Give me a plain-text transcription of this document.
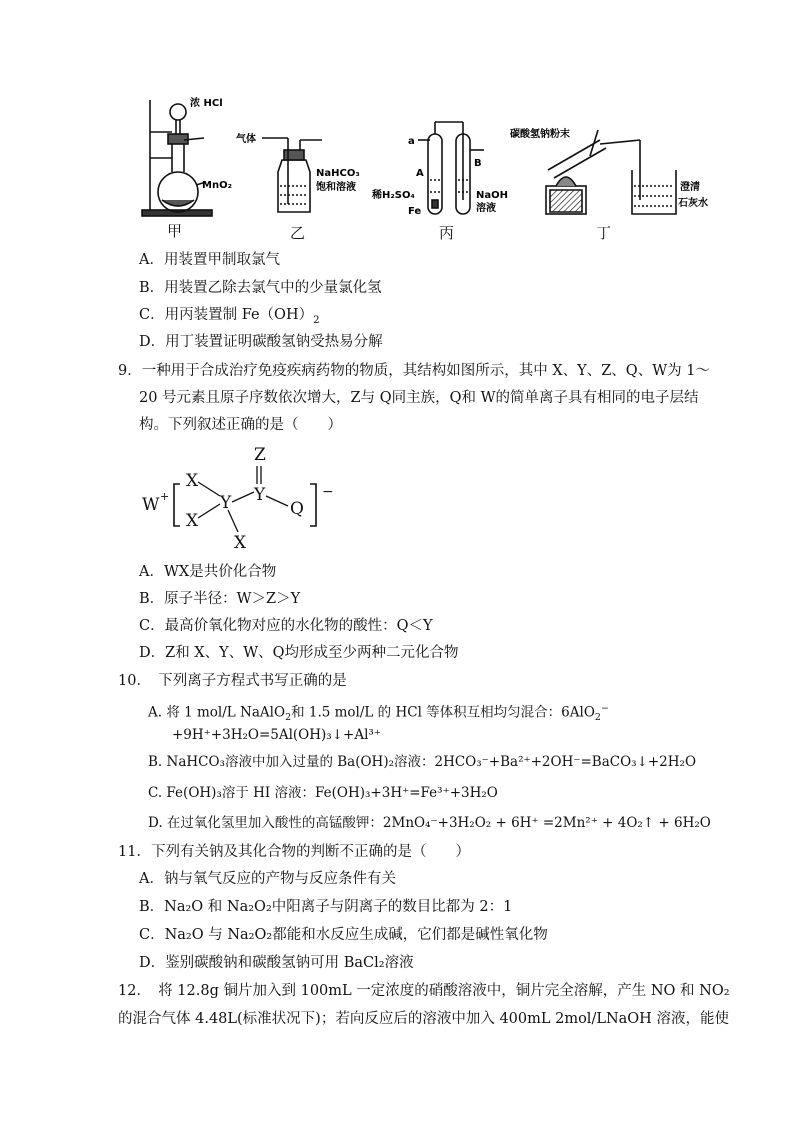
浓 HCl
MnO₂
气体
NaHCO₃
饱和溶液
a
A
B
稀H₂SO₄
Fe
NaOH
溶液
碳酸氢钠粉末
澄清
石灰水
甲	乙	丙	丁
A．用装置甲制取氯气
B．用装置乙除去氯气中的少量氯化氢
C．用丙装置制 $Fe(OH)_2$
D．用丁装置证明碳酸氢钠受热易分解
9．一种用于合成治疗免疫疾病药物的物质，其结构如图所示，其中 X、Y、Z、Q、W为 1～
20 号元素且原子序数依次增大，Z与 Q同主族，Q和 W的简单离子具有相同的电子层结
构。下列叙述正确的是（　　）
W +
X
X
Y Y
Z
Q
X
−
A．WX是共价化合物
B．原子半径：W＞Z＞Y
C．最高价氧化物对应的水化物的酸性：Q＜Y
D．Z和 X、Y、W、Q均形成至少两种二元化合物
10．　下列离子方程式书写正确的是
A. 将 1 mol/L NaAlO$_2$和 1.5 mol/L 的 HCl 等体积互相均匀混合：6AlO$_2$−
+9H⁺+3H₂O=5Al(OH)₃↓+Al³⁺
B. NaHCO₃溶液中加入过量的 Ba(OH)₂溶液：2HCO₃⁻+Ba²⁺+2OH⁻=BaCO₃↓+2H₂O
C. Fe(OH)₃溶于 HI 溶液：Fe(OH)₃+3H⁺=Fe³⁺+3H₂O
D. 在过氧化氢里加入酸性的高锰酸钾：2MnO₄⁻+3H₂O₂ + 6H⁺ =2Mn²⁺ + 4O₂↑ + 6H₂O
11．下列有关钠及其化合物的判断不正确的是（　　）
A．钠与氧气反应的产物与反应条件有关
B．Na₂O 和 Na₂O₂中阳离子与阴离子的数目比都为 2：1
C．Na₂O 与 Na₂O₂都能和水反应生成碱，它们都是碱性氧化物
D．鉴别碳酸钠和碳酸氢钠可用 BaCl₂溶液
12．　将 12.8g 铜片加入到 100mL 一定浓度的硝酸溶液中，铜片完全溶解，产生 NO 和 NO₂
的混合气体 4.48L(标准状况下)；若向反应后的溶液中加入 400mL 2mol/LNaOH 溶液，能使
